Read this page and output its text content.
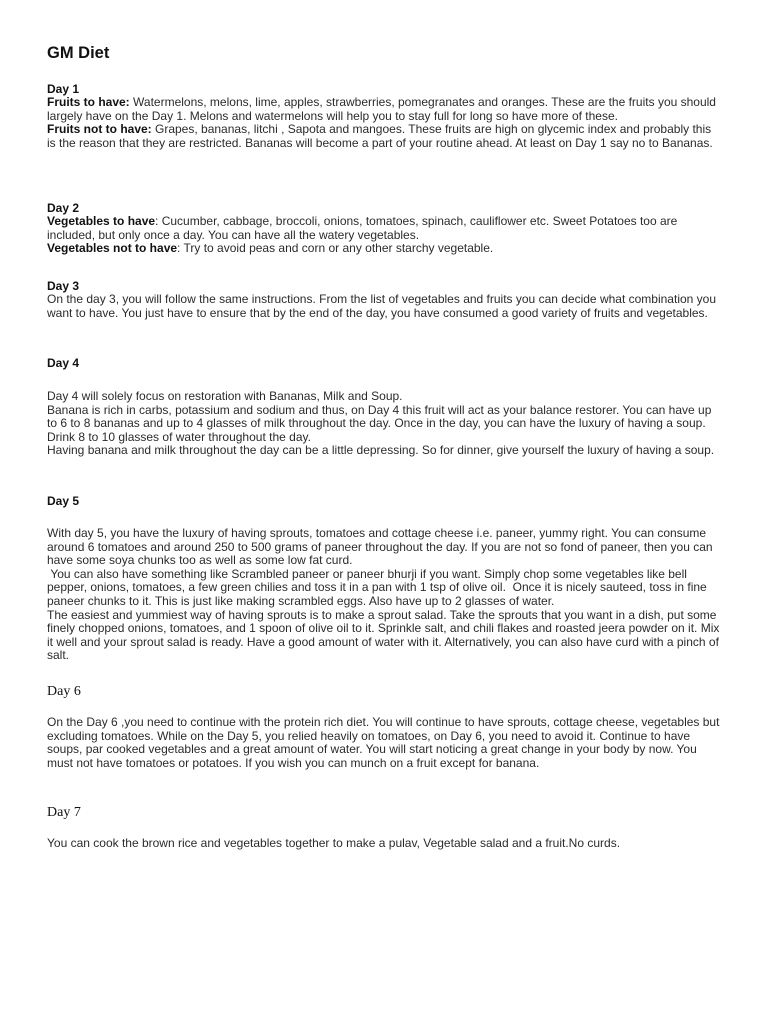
GM Diet
Day 1

Fruits to have: Watermelons, melons, lime, apples, strawberries, pomegranates and oranges. These are the fruits you should largely have on the Day 1. Melons and watermelons will help you to stay full for long so have more of these.

Fruits not to have: Grapes, bananas, litchi , Sapota and mangoes. These fruits are high on glycemic index and probably this is the reason that they are restricted. Bananas will become a part of your routine ahead. At least on Day 1 say no to Bananas.

Day 2

Vegetables to have: Cucumber, cabbage, broccoli, onions, tomatoes, spinach, cauliflower etc. Sweet Potatoes too are included, but only once a day. You can have all the watery vegetables.

Vegetables not to have: Try to avoid peas and corn or any other starchy vegetable.

Day 3

On the day 3, you will follow the same instructions. From the list of vegetables and fruits you can decide what combination you want to have. You just have to ensure that by the end of the day, you have consumed a good variety of fruits and vegetables.

Day 4

Day 4 will solely focus on restoration with Bananas, Milk and Soup.

Banana is rich in carbs, potassium and sodium and thus, on Day 4 this fruit will act as your balance restorer. You can have up to 6 to 8 bananas and up to 4 glasses of milk throughout the day. Once in the day, you can have the luxury of having a soup. Drink 8 to 10 glasses of water throughout the day.

Having banana and milk throughout the day can be a little depressing. So for dinner, give yourself the luxury of having a soup.

Day 5

With day 5, you have the luxury of having sprouts, tomatoes and cottage cheese i.e. paneer, yummy right. You can consume around 6 tomatoes and around 250 to 500 grams of paneer throughout the day. If you are not so fond of paneer, then you can have some soya chunks too as well as some low fat curd.

You can also have something like Scrambled paneer or paneer bhurji if you want. Simply chop some vegetables like bell pepper, onions, tomatoes, a few green chilies and toss it in a pan with 1 tsp of olive oil.  Once it is nicely sauteed, toss in fine paneer chunks to it. This is just like making scrambled eggs. Also have up to 2 glasses of water.

The easiest and yummiest way of having sprouts is to make a sprout salad. Take the sprouts that you want in a dish, put some finely chopped onions, tomatoes, and 1 spoon of olive oil to it. Sprinkle salt, and chili flakes and roasted jeera powder on it. Mix it well and your sprout salad is ready. Have a good amount of water with it. Alternatively, you can also have curd with a pinch of salt.

Day 6

On the Day 6 ,you need to continue with the protein rich diet. You will continue to have sprouts, cottage cheese, vegetables but excluding tomatoes. While on the Day 5, you relied heavily on tomatoes, on Day 6, you need to avoid it. Continue to have soups, par cooked vegetables and a great amount of water. You will start noticing a great change in your body by now. You must not have tomatoes or potatoes. If you wish you can munch on a fruit except for banana.

Day 7

You can cook the brown rice and vegetables together to make a pulav, Vegetable salad and a fruit.No curds.
